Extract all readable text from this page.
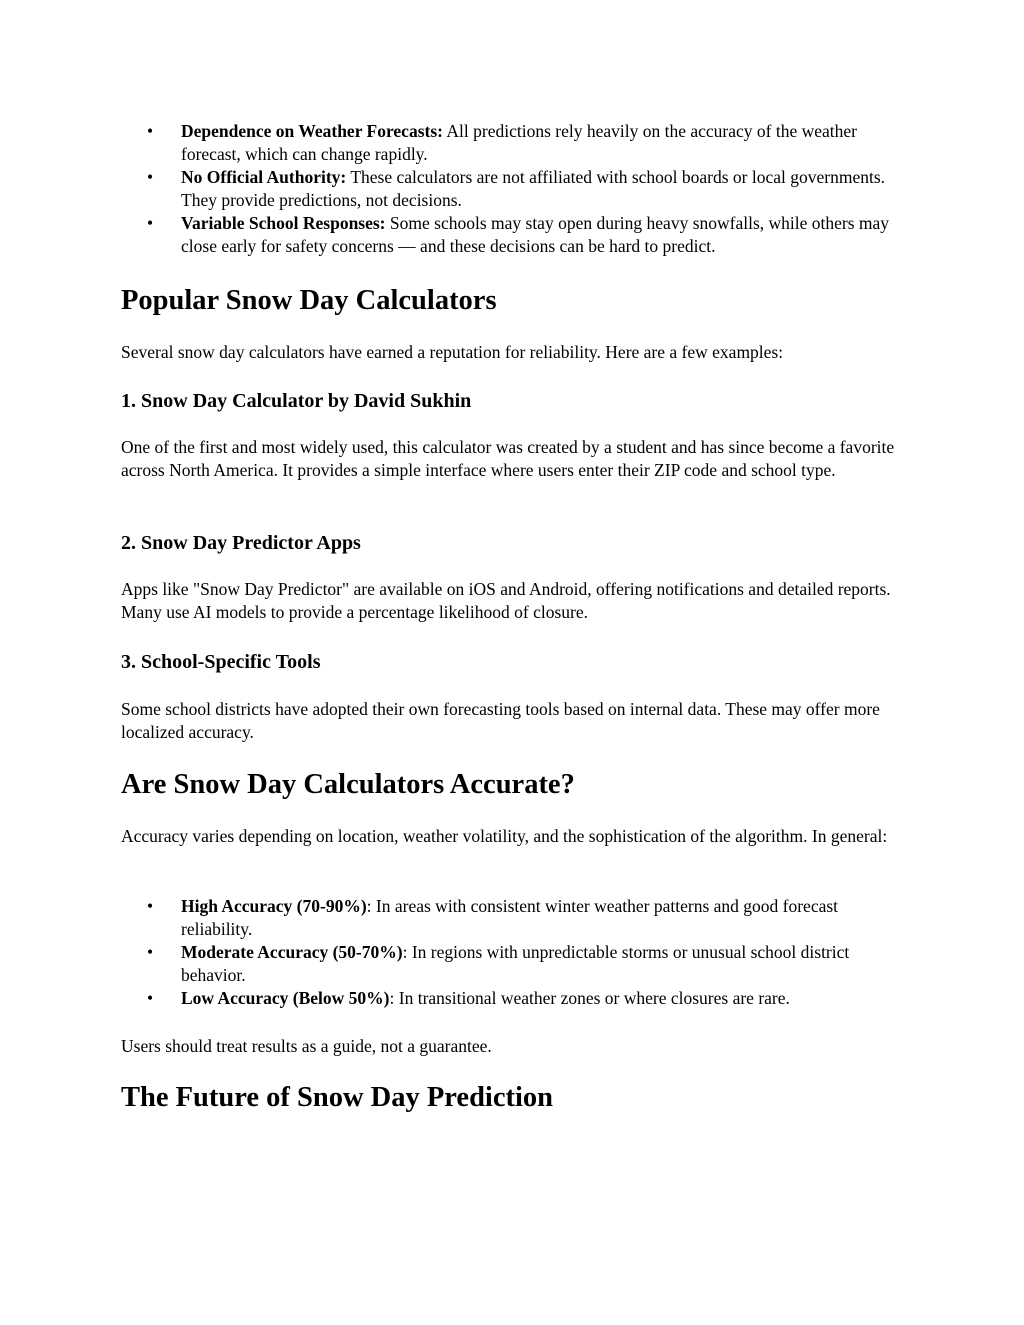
• Dependence on Weather Forecasts: All predictions rely heavily on the accuracy of the weather forecast, which can change rapidly.
• No Official Authority: These calculators are not affiliated with school boards or local governments. They provide predictions, not decisions.
• Variable School Responses: Some schools may stay open during heavy snowfalls, while others may close early for safety concerns — and these decisions can be hard to predict.
Popular Snow Day Calculators

Several snow day calculators have earned a reputation for reliability. Here are a few examples:

1. Snow Day Calculator by David Sukhin

One of the first and most widely used, this calculator was created by a student and has since become a favorite across North America. It provides a simple interface where users enter their ZIP code and school type.

2. Snow Day Predictor Apps

Apps like "Snow Day Predictor" are available on iOS and Android, offering notifications and detailed reports. Many use AI models to provide a percentage likelihood of closure.

3. School-Specific Tools

Some school districts have adopted their own forecasting tools based on internal data. These may offer more localized accuracy.

Are Snow Day Calculators Accurate?

Accuracy varies depending on location, weather volatility, and the sophistication of the algorithm. In general:

• High Accuracy (70-90%): In areas with consistent winter weather patterns and good forecast reliability.
• Moderate Accuracy (50-70%): In regions with unpredictable storms or unusual school district behavior.
• Low Accuracy (Below 50%): In transitional weather zones or where closures are rare.

Users should treat results as a guide, not a guarantee.

The Future of Snow Day Prediction
